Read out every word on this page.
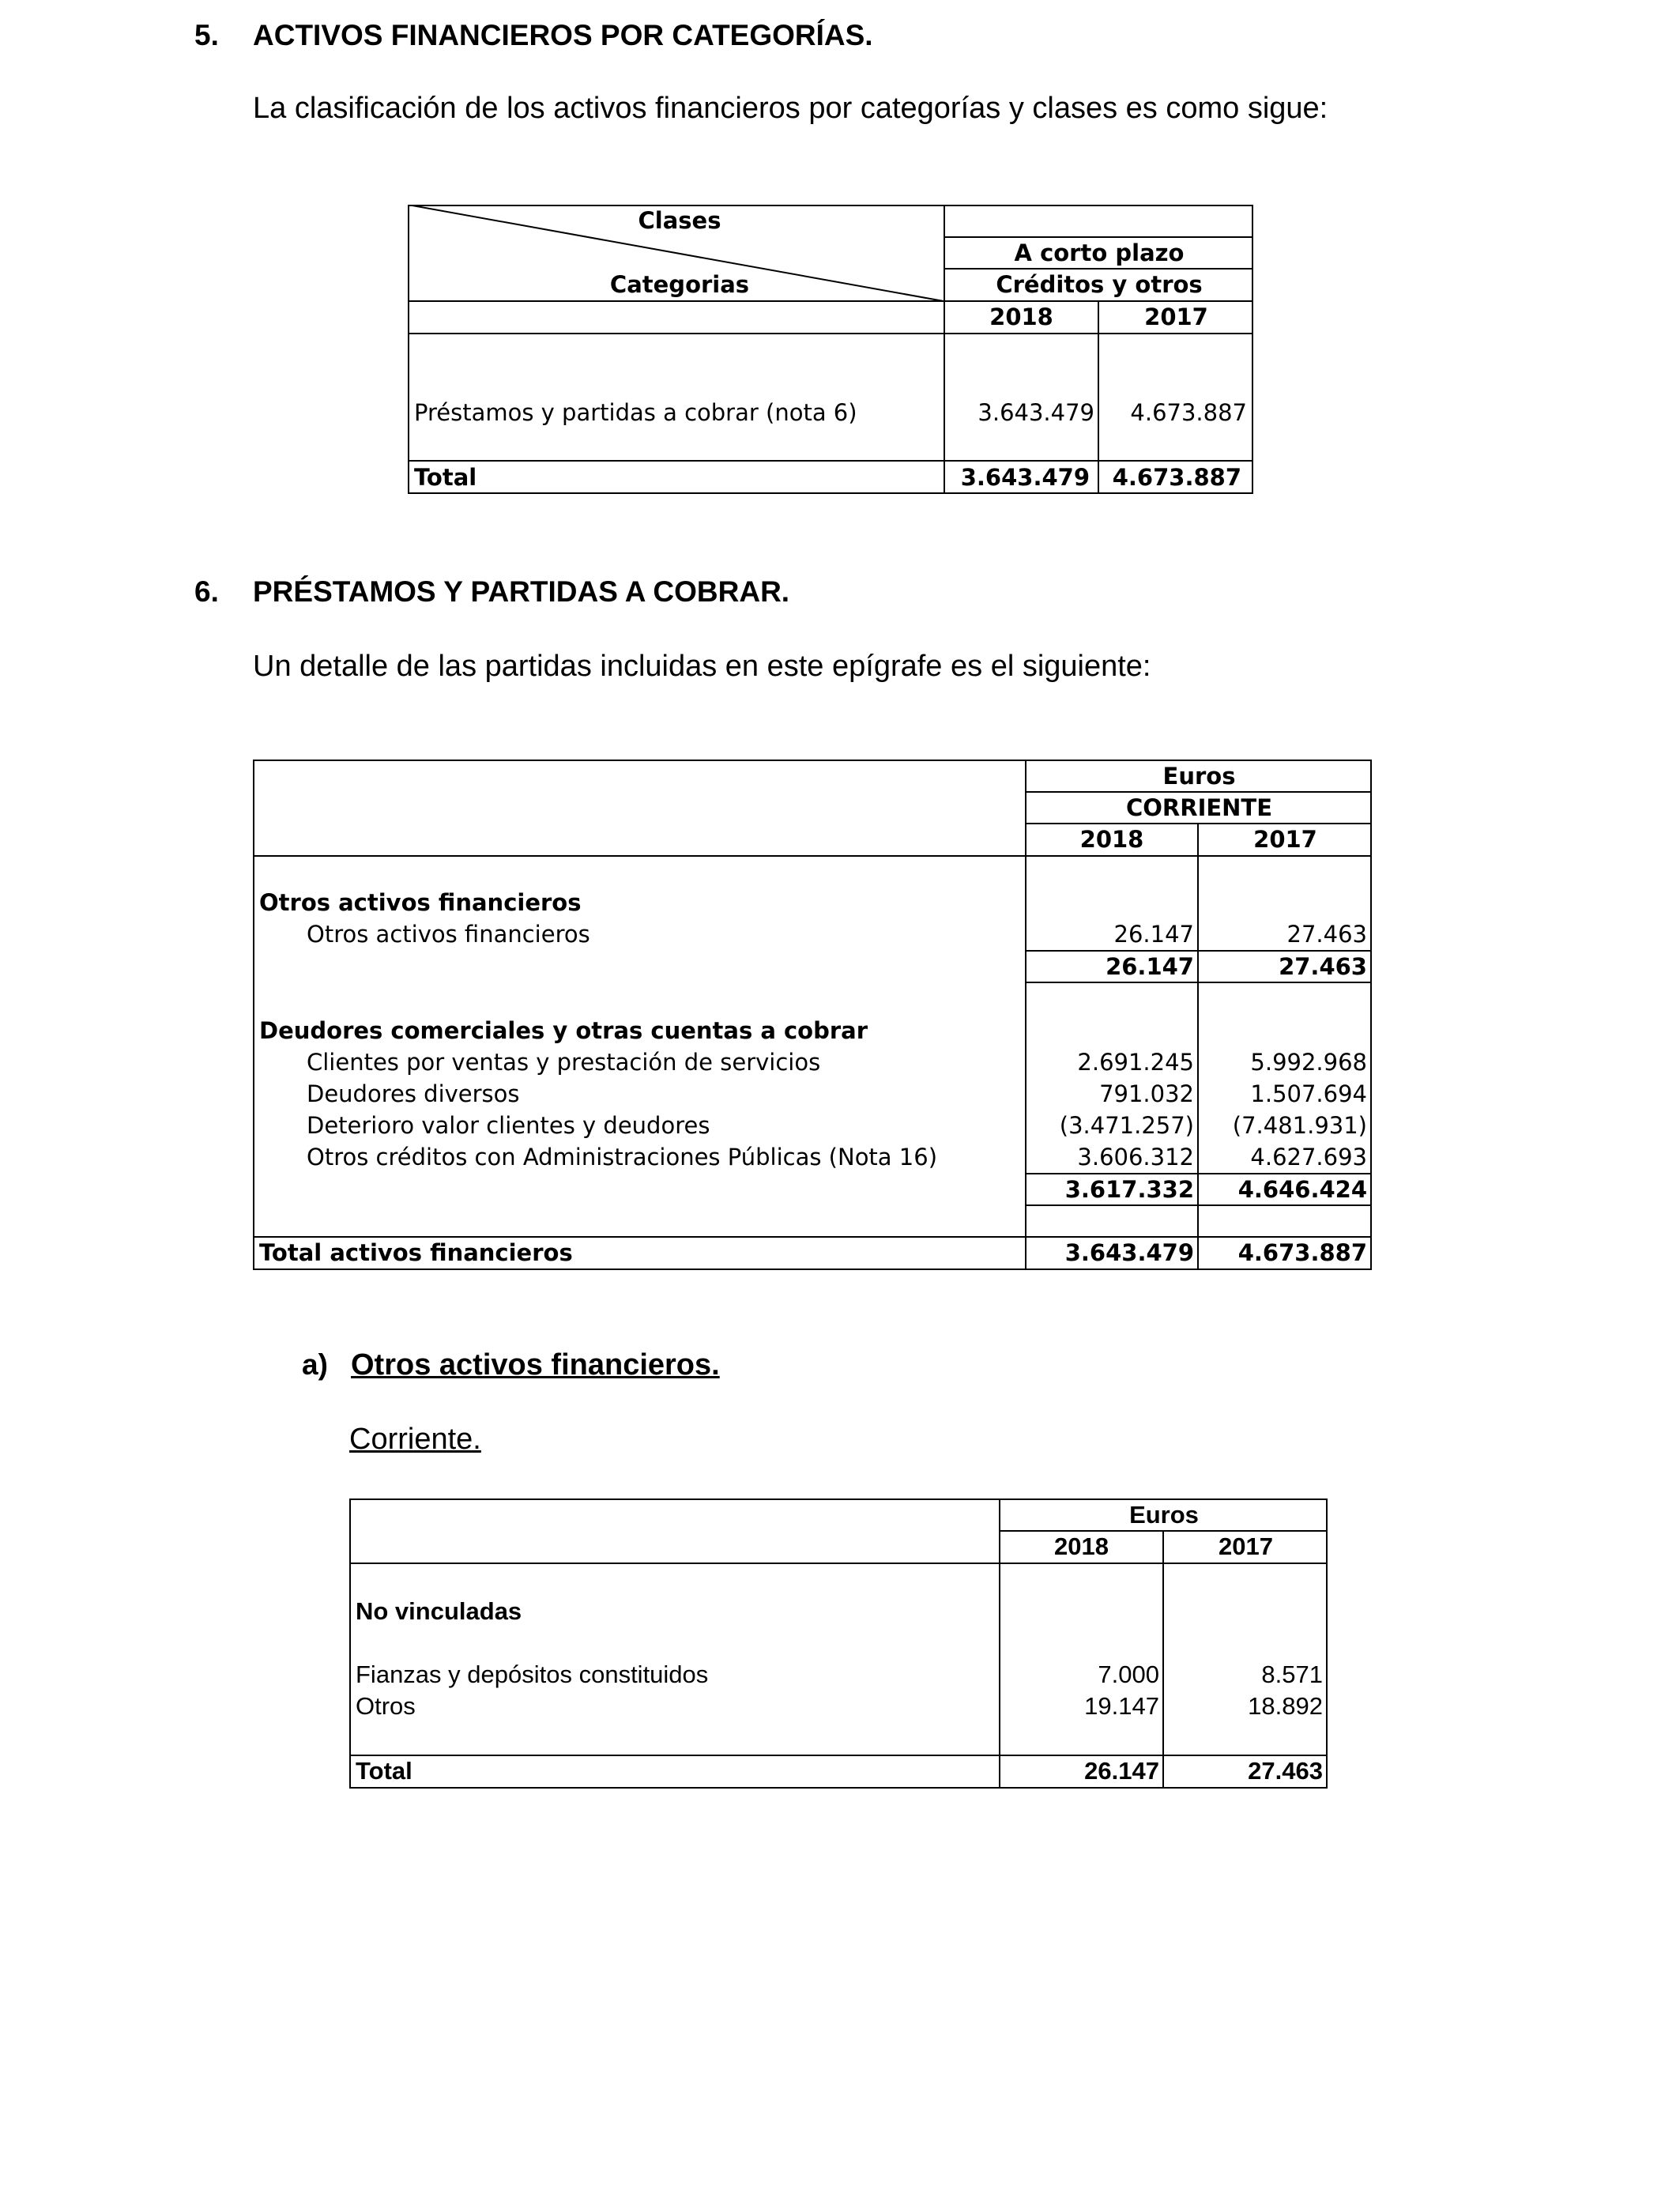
5. ACTIVOS FINANCIEROS POR CATEGORÍAS.
La clasificación de los activos financieros por categorías y clases es como sigue:
Clases
Categorias
A corto plazo
Créditos y otros
2018	2017
Préstamos y partidas a cobrar (nota 6)	3.643.479	4.673.887
Total	3.643.479 4.673.887
6. PRÉSTAMOS Y PARTIDAS A COBRAR.
Un detalle de las partidas incluidas en este epígrafe es el siguiente:
Euros
CORRIENTE
2018	2017
Otros activos financieros
Otros activos financieros	26.147	27.463
26.147	27.463
Deudores comerciales y otras cuentas a cobrar
Clientes por ventas y prestación de servicios	2.691.245	5.992.968
Deudores diversos	791.032	1.507.694
Deterioro valor clientes y deudores	(3.471.257)	(7.481.931)
Otros créditos con Administraciones Públicas (Nota 16)	3.606.312	4.627.693
3.617.332	4.646.424
Total activos financieros	3.643.479	4.673.887
a) Otros activos financieros.
Corriente.
Euros
2018	2017
No vinculadas
Fianzas y depósitos constituidos	7.000	8.571
Otros	19.147	18.892
Total	26.147	27.463
